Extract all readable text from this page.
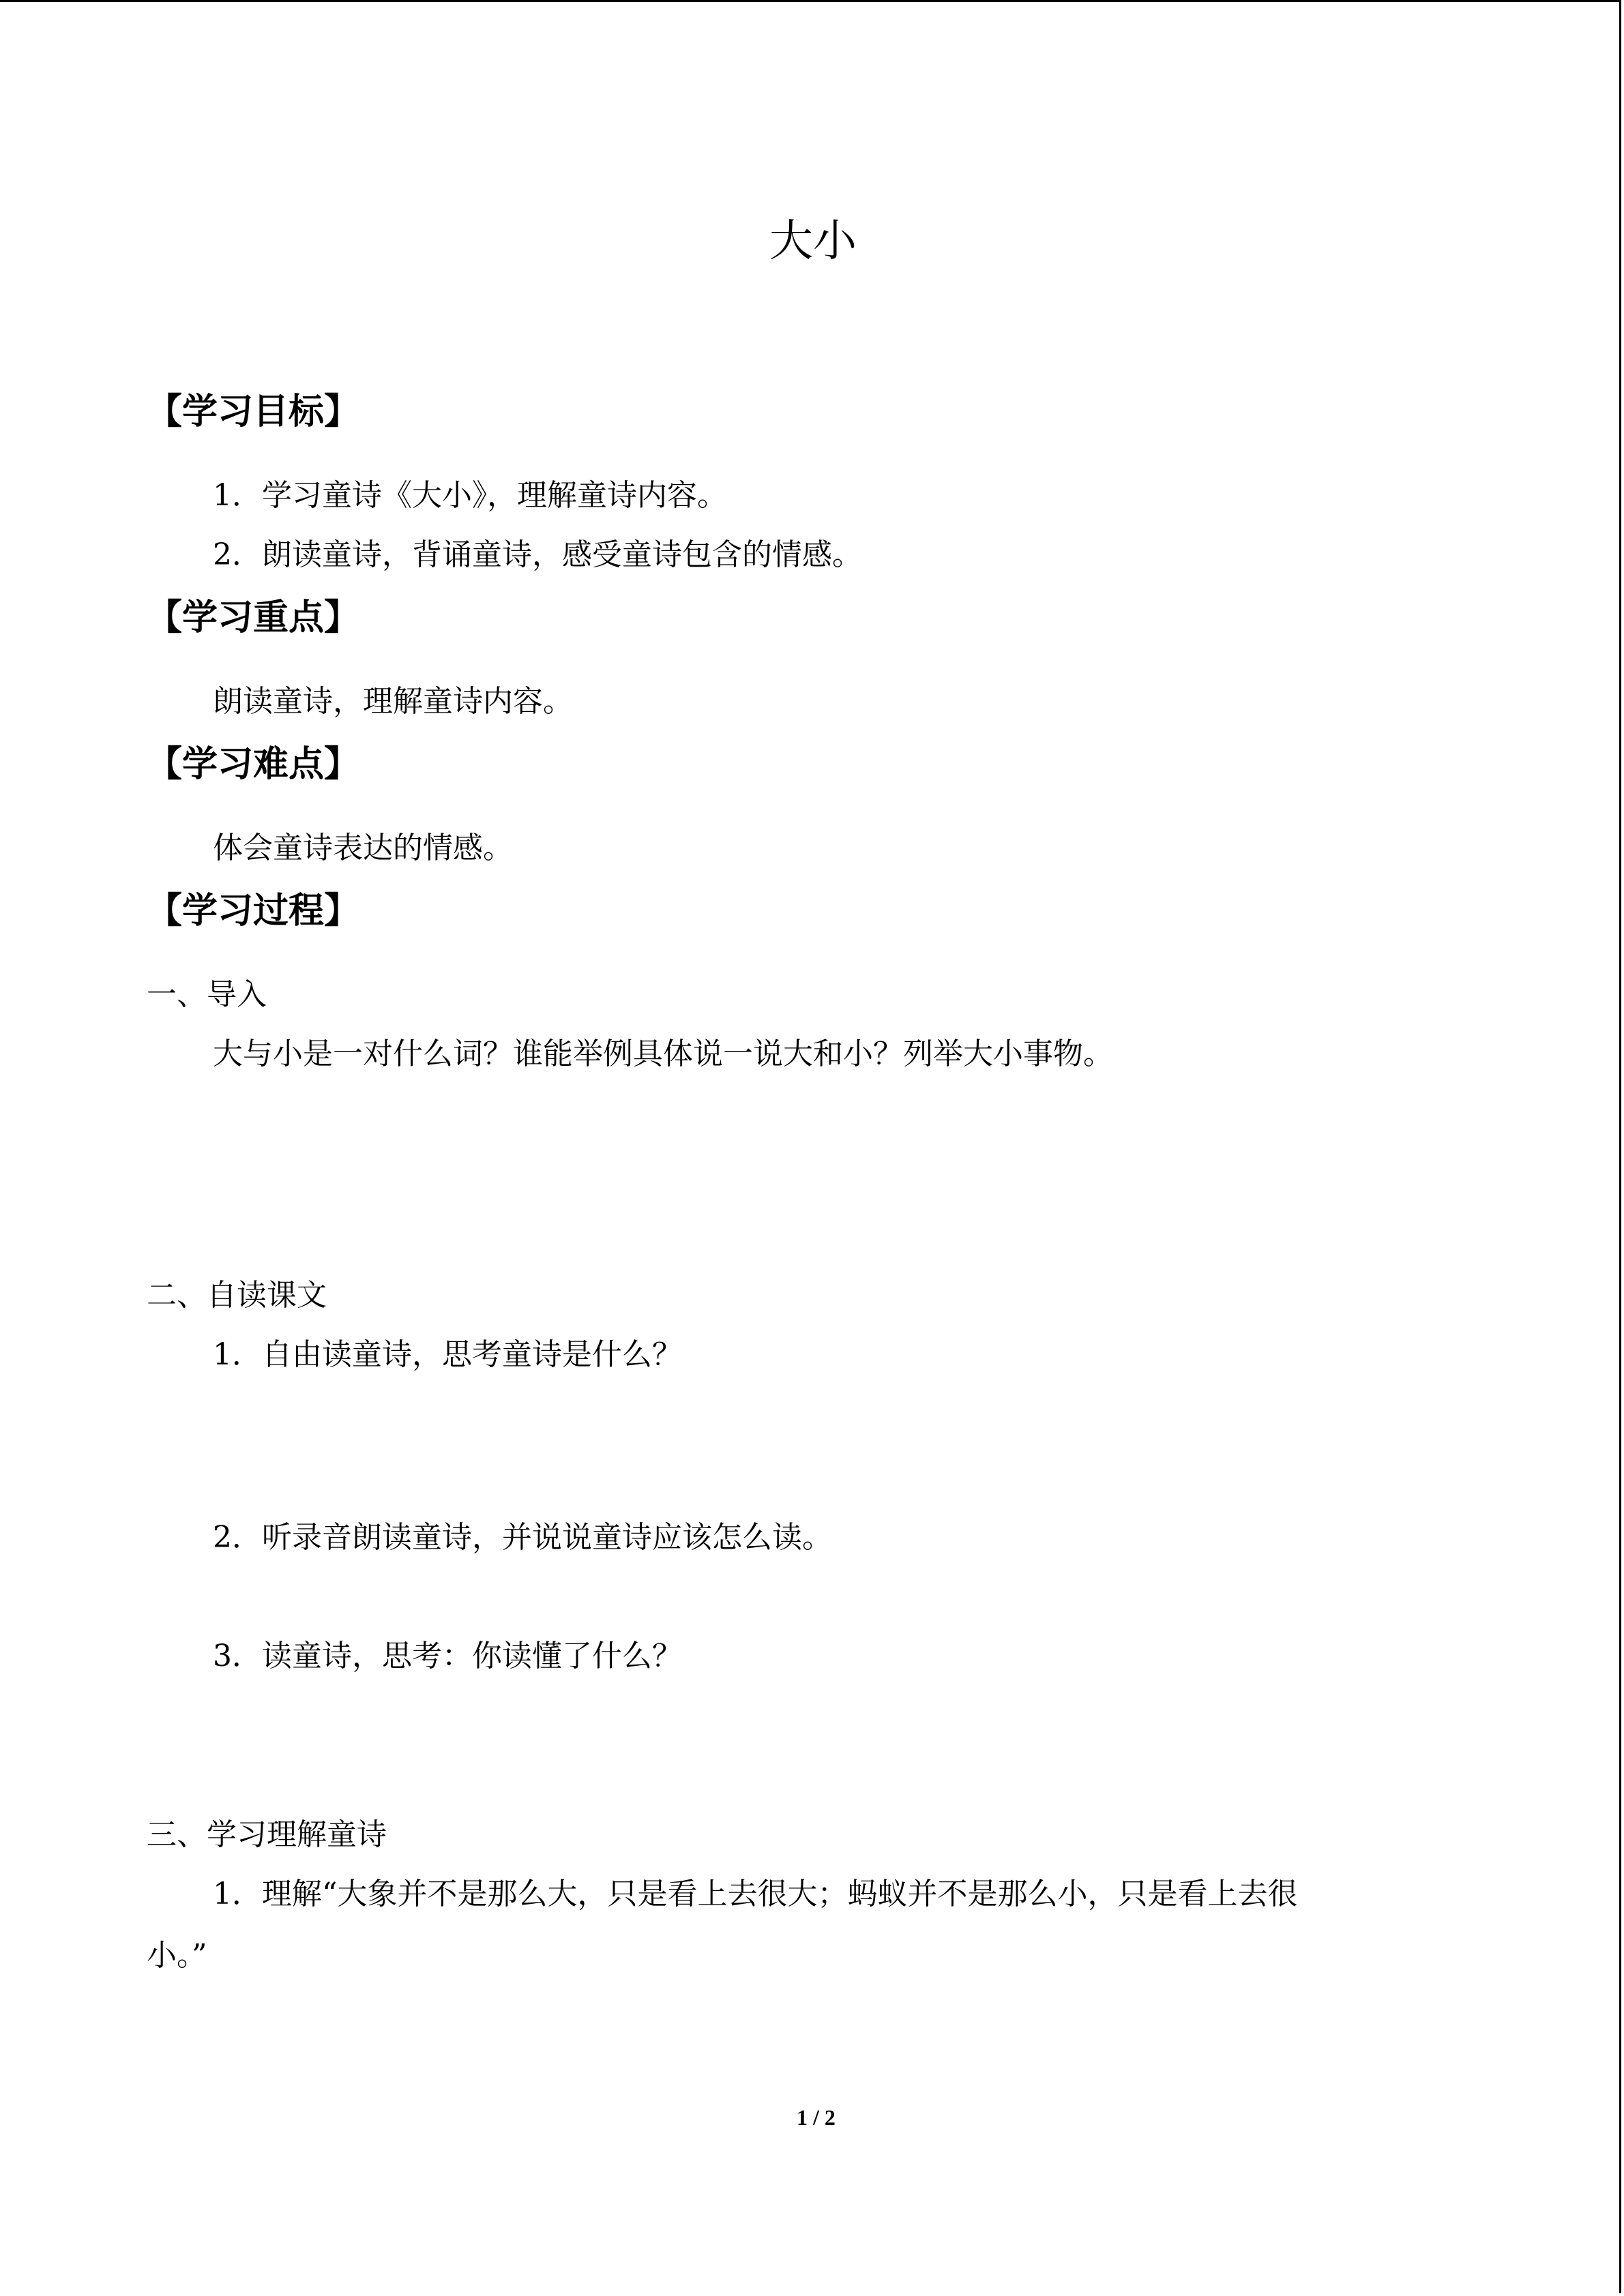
大小
【学习目标】
1．学习童诗《大小》，理解童诗内容。
2．朗读童诗，背诵童诗，感受童诗包含的情感。
【学习重点】
朗读童诗，理解童诗内容。
【学习难点】
体会童诗表达的情感。
【学习过程】
一、导入
大与小是一对什么词？谁能举例具体说一说大和小？列举大小事物。
二、自读课文
1．自由读童诗，思考童诗是什么？
2．听录音朗读童诗，并说说童诗应该怎么读。
3．读童诗，思考：你读懂了什么？
三、学习理解童诗
1．理解“大象并不是那么大，只是看上去很大；蚂蚁并不是那么小，只是看上去很
小。”
1 / 2
